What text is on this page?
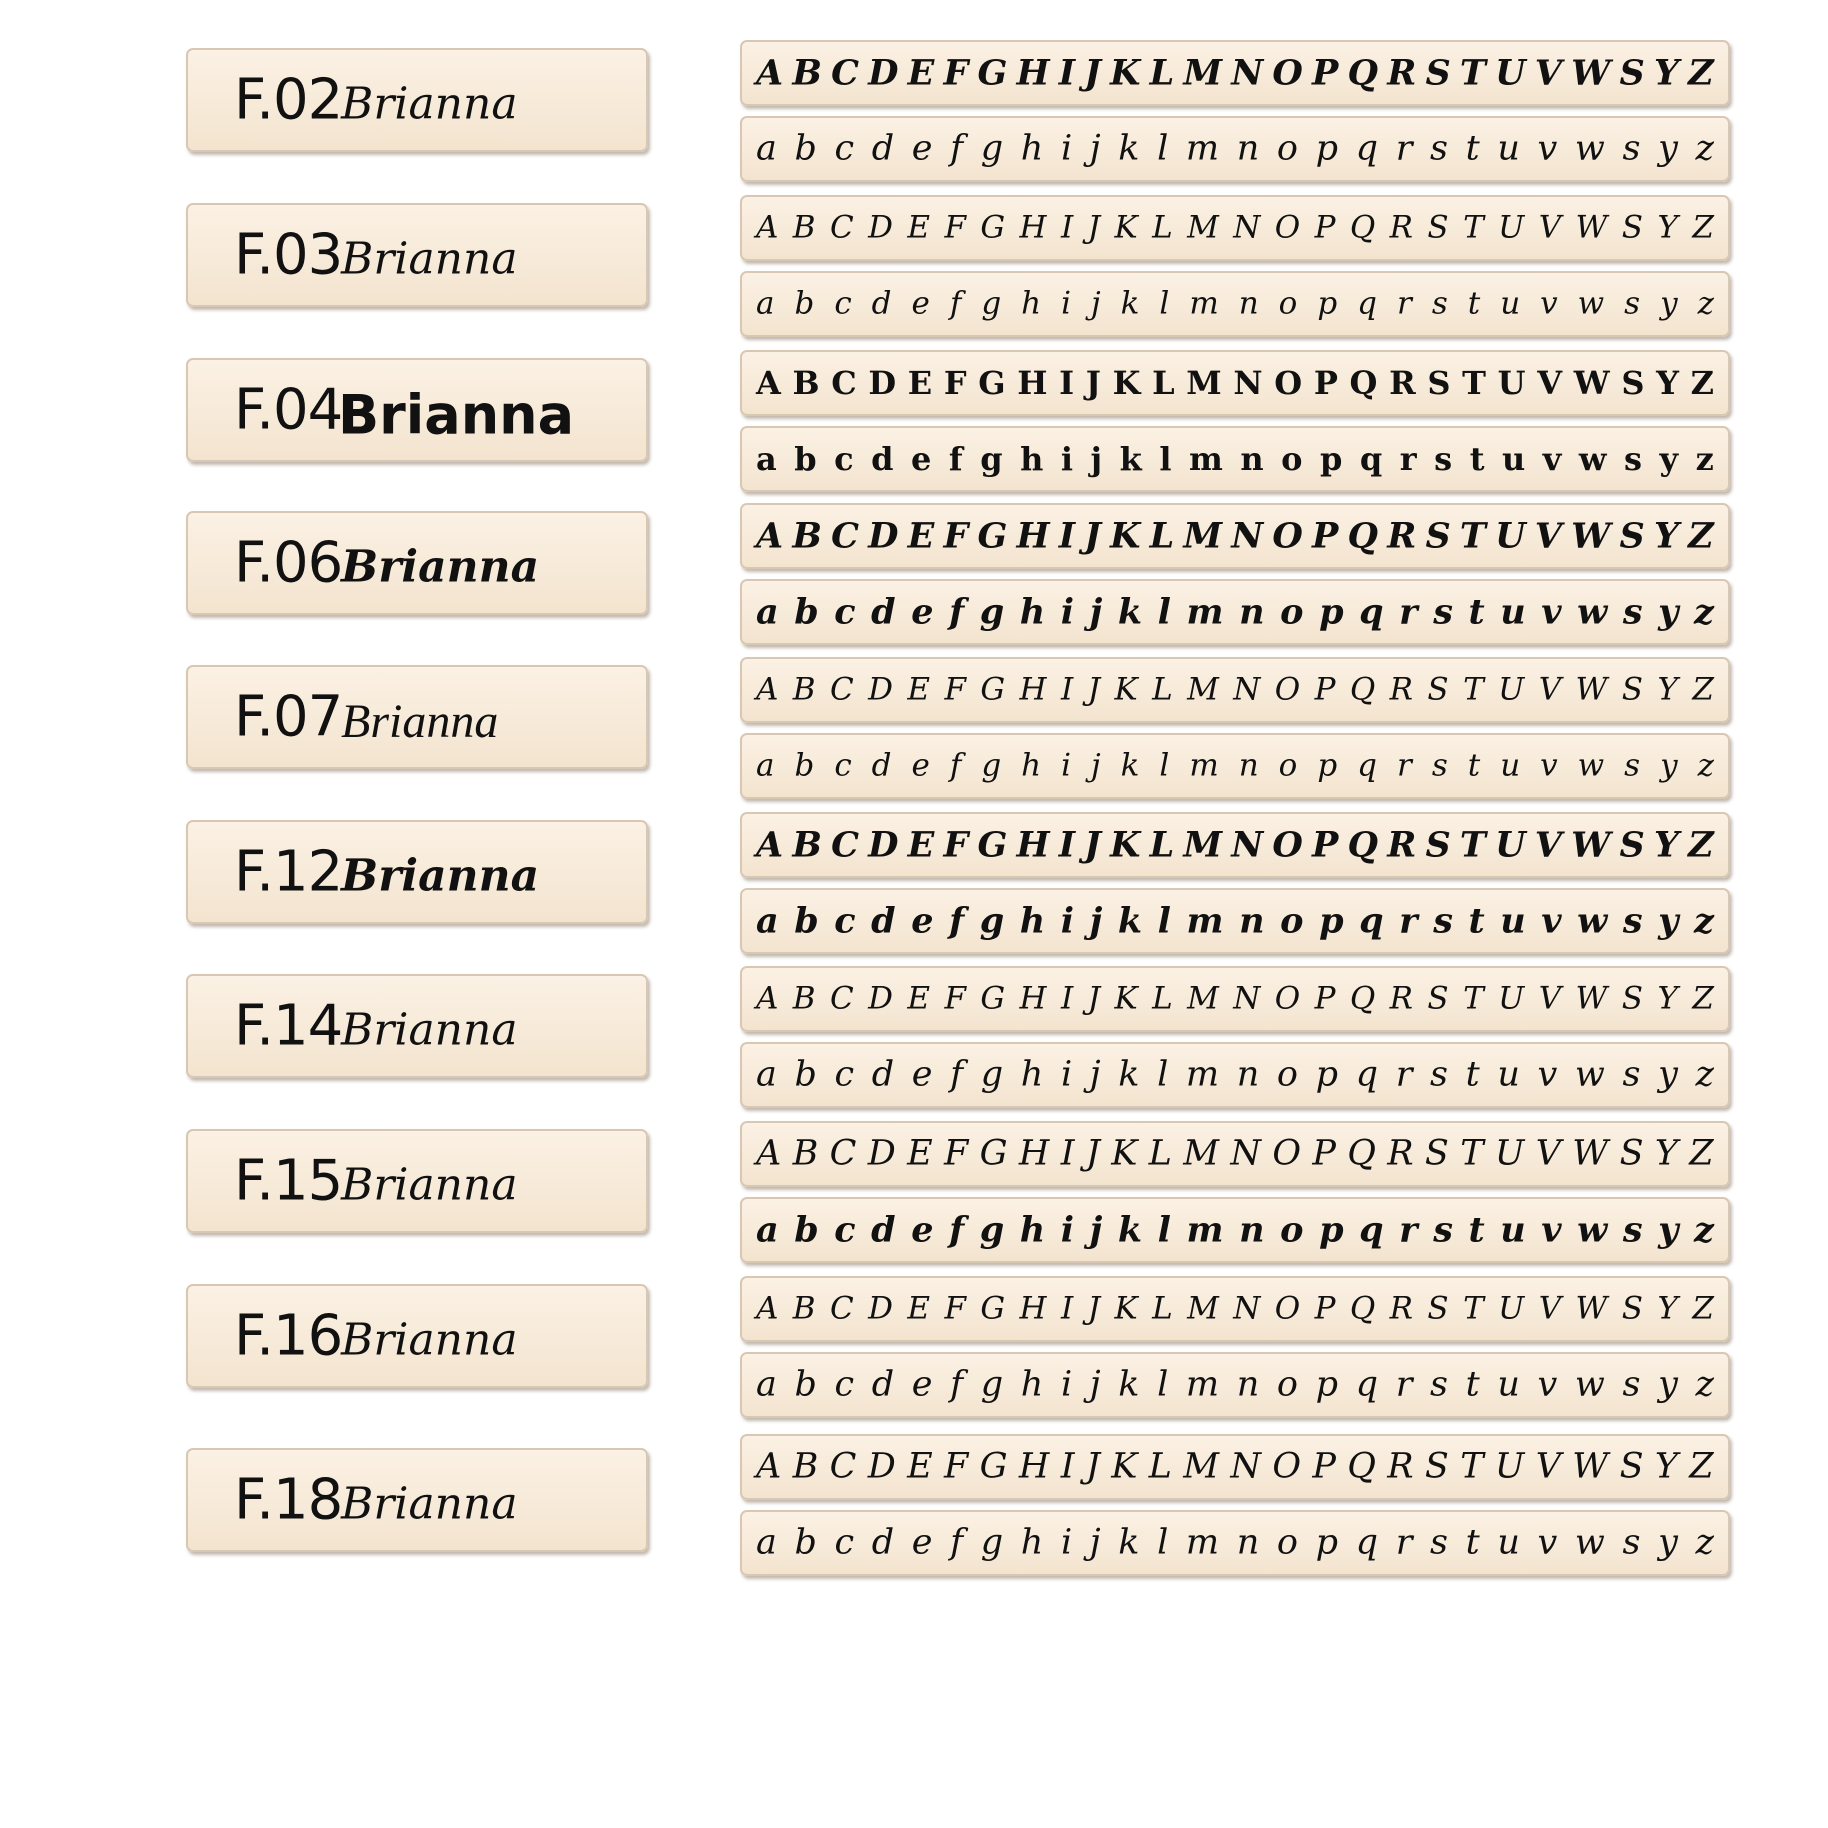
F.02
Brianna
A B C D E F G H I J K L M N O P Q R S T U V W S Y Z
a b c d e f g h i j k l m n o p q r s t u v w s y z
F.03
Brianna
A B C D E F G H I J K L M N O P Q R S T U V W S Y Z
a b c d e f g h i j k l m n o p q r s t u v w s y z
F.04
Brianna
A B C D E F G H I J K L M N O P Q R S T U V W S Y Z
a b c d e f g h i j k l m n o p q r s t u v w s y z
F.06
Brianna
A B C D E F G H I J K L M N O P Q R S T U V W S Y Z
a b c d e f g h i j k l m n o p q r s t u v w s y z
F.07
Brianna
A B C D E F G H I J K L M N O P Q R S T U V W S Y Z
a b c d e f g h i j k l m n o p q r s t u v w s y z
F.12
Brianna
A B C D E F G H I J K L M N O P Q R S T U V W S Y Z
a b c d e f g h i j k l m n o p q r s t u v w s y z
F.14
Brianna
A B C D E F G H I J K L M N O P Q R S T U V W S Y Z
a b c d e f g h i j k l m n o p q r s t u v w s y z
F.15
Brianna
A B C D E F G H I J K L M N O P Q R S T U V W S Y Z
a b c d e f g h i j k l m n o p q r s t u v w s y z
F.16
Brianna
A B C D E F G H I J K L M N O P Q R S T U V W S Y Z
a b c d e f g h i j k l m n o p q r s t u v w s y z
F.18
Brianna
A B C D E F G H I J K L M N O P Q R S T U V W S Y Z
a b c d e f g h i j k l m n o p q r s t u v w s y z
